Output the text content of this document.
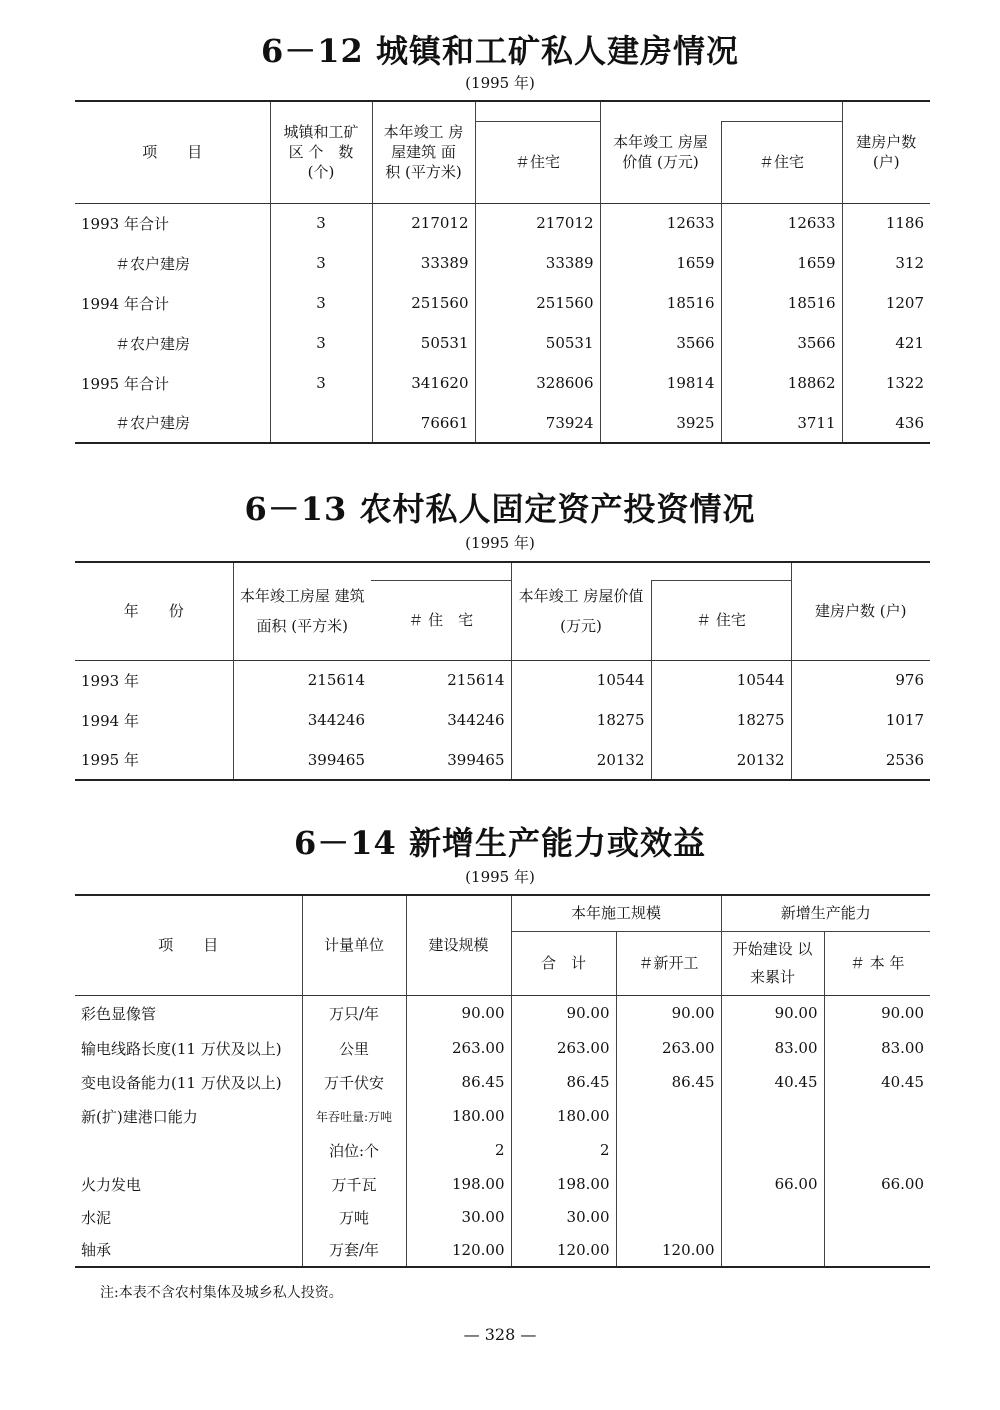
6－12 城镇和工矿私人建房情况
(1995 年)
项　　目	城镇和工矿区 个　数 (个)	本年竣工 房屋建筑 面　积 (平方米)		本年竣工 房屋价值 (万元)		建房户数 (户)
			＃住宅		＃住宅	
1993 年合计	3	217012	217012	12633	12633	1186
＃农户建房	3	33389	33389	1659	1659	312
1994 年合计	3	251560	251560	18516	18516	1207
＃农户建房	3	50531	50531	3566	3566	421
1995 年合计	3	341620	328606	19814	18862	1322
＃农户建房		76661	73924	3925	3711	436
6－13 农村私人固定资产投资情况
(1995 年)
年　　份	本年竣工房屋 建筑面积 (平方米)		本年竣工 房屋价值 (万元)		建房户数 (户)
		＃ 住　宅		＃ 住宅	
1993 年	215614	215614	10544	10544	976
1994 年	344246	344246	18275	18275	1017
1995 年	399465	399465	20132	20132	2536
6－14 新增生产能力或效益
(1995 年)
项　　目	计量单位	建设规模	本年施工规模		新增生产能力	
			合　计	＃新开工	开始建设 以来累计	＃ 本 年
彩色显像管	万只/年	90.00	90.00	90.00	90.00	90.00
输电线路长度(11 万伏及以上)	公里	263.00	263.00	263.00	83.00	83.00
变电设备能力(11 万伏及以上)	万千伏安	86.45	86.45	86.45	40.45	40.45
新(扩)建港口能力	年吞吐量:万吨	180.00	180.00			
	泊位:个	2	2			
火力发电	万千瓦	198.00	198.00		66.00	66.00
水泥	万吨	30.00	30.00			
轴承	万套/年	120.00	120.00	120.00		
注:本表不含农村集体及城乡私人投资。
— 328 —
